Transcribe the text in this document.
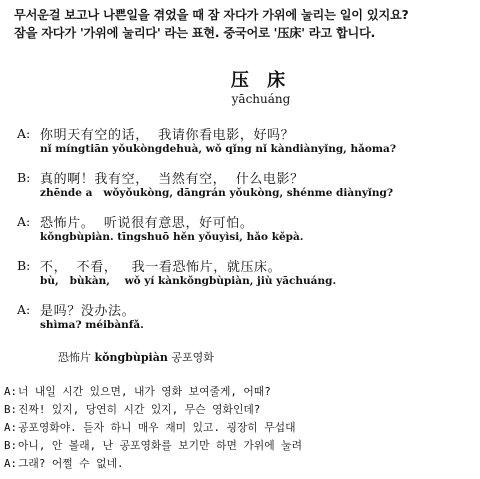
무서운걸 보고나 나쁜일을 겪었을 때 잠 자다가 가위에 눌리는 일이 있지요?
잠을 자다가 '가위에 눌리다' 라는 표현. 중국어로 '压床' 라고 합니다.
压 床
yāchuáng
A: 你明天有空的话，  我请你看电影，好吗？
nǐ míngtiān yǒukòngdehuà, wǒ qǐng nǐ kàndiànyǐng, hǎoma?
B: 真的啊！我有空，  当然有空，  什么电影？
zhēnde a   wǒyǒukòng, dāngrán yǒukòng, shénme diànyǐng?
A: 恐怖片。  听说很有意思，好可怕。
kǒngbùpiàn. tīngshuō hěn yǒuyìsi, hǎo kěpà.
B: 不，  不看，   我一看恐怖片，就压床。
bù,   bùkàn,    wǒ yí kànkǒngbùpiàn, jiù yāchuáng.
A: 是吗？没办法。
shìma? méibànfǎ.
恐怖片 kǒngbùpiàn 공포영화
A:너 내일 시간 있으면, 내가 영화 보여줄게, 어때?
B:진짜! 있지, 당연히 시간 있지, 무슨 영화인데?
A:공포영화야. 듣자 하니 매우 재미 있고. 굉장히 무섭대
B:아니, 안 볼래, 난 공포영화를 보기만 하면 가위에 눌려
A:그래? 어쩔 수 없네.
